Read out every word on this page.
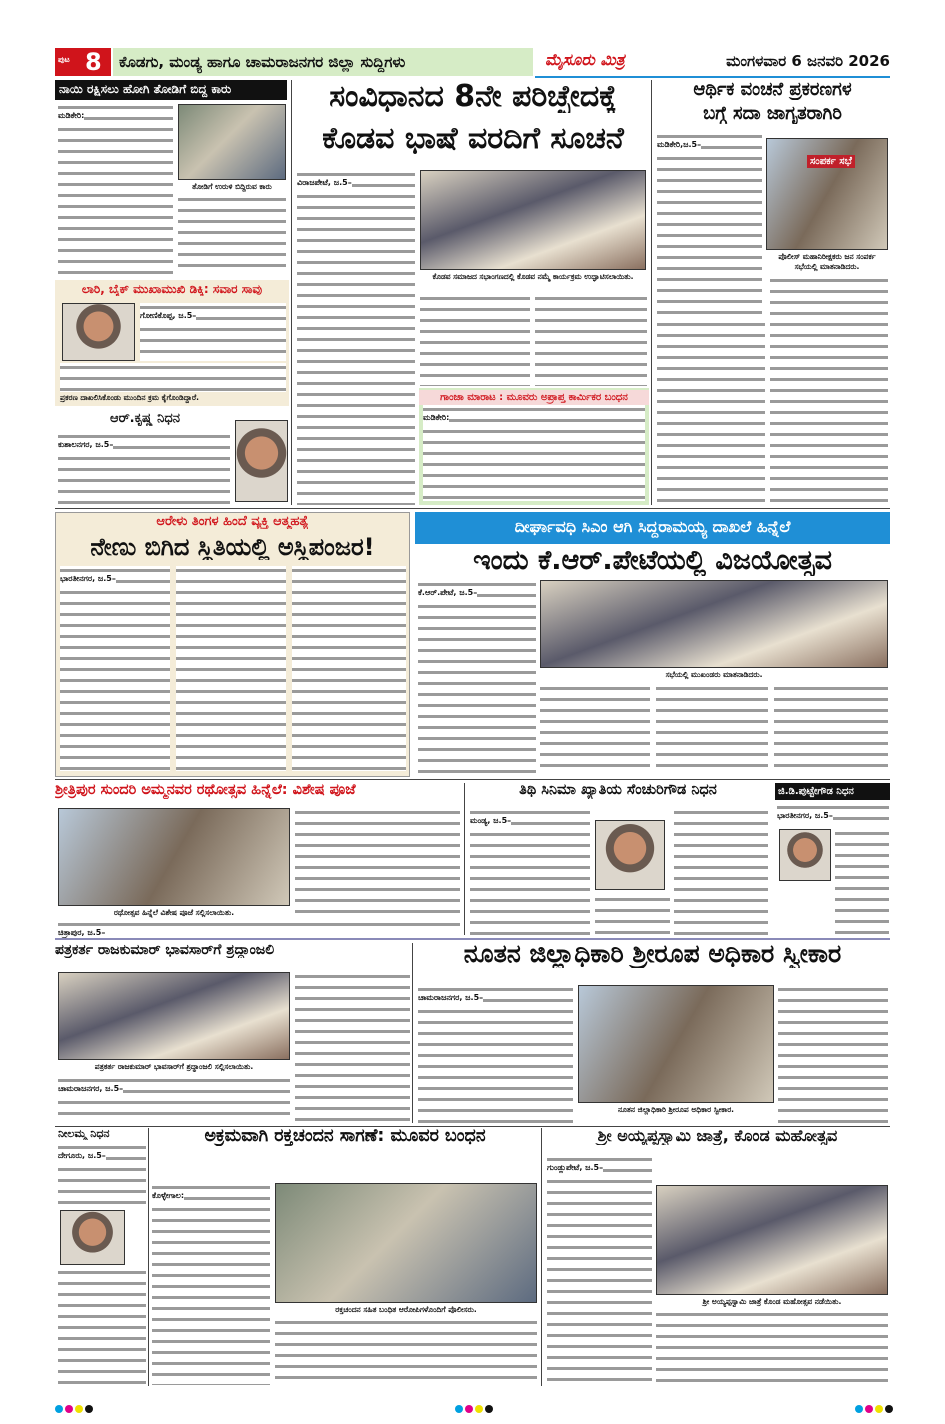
ಪುಟ 8	ಕೊಡಗು, ಮಂಡ್ಯ ಹಾಗೂ ಚಾಮರಾಜನಗರ ಜಿಲ್ಲಾ ಸುದ್ದಿಗಳು	ಮೈಸೂರು ಮಿತ್ರ	ಮಂಗಳವಾರ 6 ಜನವರಿ 2026
ನಾಯಿ ರಕ್ಷಿಸಲು ಹೋಗಿ ತೋಡಿಗೆ ಬಿದ್ದ ಕಾರು
ಮಡಿಕೇರಿ:
ತೋಡಿಗೆ ಉರುಳಿ ಬಿದ್ದಿರುವ ಕಾರು
ಲಾರಿ, ಬೈಕ್ ಮುಖಾಮುಖಿ ಡಿಕ್ಕಿ: ಸವಾರ ಸಾವು
ಗೋಣಿಕೊಪ್ಪ, ಜ.5–
ಪ್ರಕರಣ ದಾಖಲಿಸಿಕೊಂಡು ಮುಂದಿನ ಕ್ರಮ ಕೈಗೊಂಡಿದ್ದಾರೆ.
ಆರ್.ಕೃಷ್ಣ ನಿಧನ
ಕುಶಾಲನಗರ, ಜ.5–
ಸಂವಿಧಾನದ 8ನೇ ಪರಿಚ್ಛೇದಕ್ಕೆ
ಕೊಡವ ಭಾಷೆ ವರದಿಗೆ ಸೂಚನೆ
ವಿರಾಜಪೇಟೆ, ಜ.5–
ಕೊಡವ ಸಮಾಜದ ಸಭಾಂಗಣದಲ್ಲಿ ಕೊಡವ ನಮ್ಮೆ ಕಾರ್ಯಕ್ರಮ ಉದ್ಘಾಟಿಸಲಾಯಿತು.
ಗಾಂಜಾ ಮಾರಾಟ : ಮೂವರು ಅಪ್ರಾಪ್ತ ಕಾರ್ಮಿಕರ ಬಂಧನ
ಮಡಿಕೇರಿ:
ಆರ್ಥಿಕ ವಂಚನೆ ಪ್ರಕರಣಗಳ
ಬಗ್ಗೆ ಸದಾ ಜಾಗೃತರಾಗಿರಿ
ಮಡಿಕೇರಿ,ಜ.5–
ಸಂಪರ್ಕ ಸಭೆ
ಪೊಲೀಸ್ ಮಹಾನಿರೀಕ್ಷಕರು ಜನ ಸಂಪರ್ಕ ಸಭೆಯಲ್ಲಿ ಮಾತನಾಡಿದರು.
ಆರೇಳು ತಿಂಗಳ ಹಿಂದೆ ವ್ಯಕ್ತಿ ಆತ್ಮಹತ್ಯೆ
ನೇಣು ಬಿಗಿದ ಸ್ಥಿತಿಯಲ್ಲಿ ಅಸ್ಥಿಪಂಜರ!
ಭಾರತೀನಗರ, ಜ.5–
ದೀರ್ಘಾವಧಿ ಸಿಎಂ ಆಗಿ ಸಿದ್ದರಾಮಯ್ಯ ದಾಖಲೆ ಹಿನ್ನೆಲೆ
ಇಂದು ಕೆ.ಆರ್.ಪೇಟೆಯಲ್ಲಿ ವಿಜಯೋತ್ಸವ
ಕೆ.ಆರ್.ಪೇಟೆ, ಜ.5–
ಸಭೆಯಲ್ಲಿ ಮುಖಂಡರು ಮಾತನಾಡಿದರು.
ಶ್ರೀತ್ರಿಪುರ ಸುಂದರಿ ಅಮ್ಮನವರ ರಥೋತ್ಸವ ಹಿನ್ನೆಲೆ: ವಿಶೇಷ ಪೂಜೆ
ರಥೋತ್ಸವ ಹಿನ್ನೆಲೆ ವಿಶೇಷ ಪೂಜೆ ಸಲ್ಲಿಸಲಾಯಿತು.
ಚಿತ್ರಾಪುರ, ಜ.5–
ತಿಥಿ ಸಿನಿಮಾ ಖ್ಯಾತಿಯ ಸೆಂಚುರಿಗೌಡ ನಿಧನ
ಮಂಡ್ಯ, ಜ.5–
ಜಿ.ಡಿ.ಪುಟ್ಟೇಗೌಡ ನಿಧನ
ಭಾರತೀನಗರ, ಜ.5–
ಪತ್ರಕರ್ತ ರಾಜಕುಮಾರ್ ಭಾವಸಾರ್‌ಗೆ ಶ್ರದ್ಧಾಂಜಲಿ
ಪತ್ರಕರ್ತ ರಾಜಕುಮಾರ್ ಭಾವಸಾರ್‌ಗೆ ಶ್ರದ್ಧಾಂಜಲಿ ಸಲ್ಲಿಸಲಾಯಿತು.
ಚಾಮರಾಜನಗರ, ಜ.5–
ನೂತನ ಜಿಲ್ಲಾಧಿಕಾರಿ ಶ್ರೀರೂಪ ಅಧಿಕಾರ ಸ್ವೀಕಾರ
ಚಾಮರಾಜನಗರ, ಜ.5–
ನೂತನ ಜಿಲ್ಲಾಧಿಕಾರಿ ಶ್ರೀರೂಪ ಅಧಿಕಾರ ಸ್ವೀಕಾರ.
ನೀಲಮ್ಮ ನಿಧನ
ದೇಗೂರು, ಜ.5–
ಅಕ್ರಮವಾಗಿ ರಕ್ತಚಂದನ ಸಾಗಣೆ: ಮೂವರ ಬಂಧನ
ಕೊಳ್ಳೇಗಾಲ:
ರಕ್ತಚಂದನ ಸಹಿತ ಬಂಧಿತ ಆರೋಪಿಗಳೊಂದಿಗೆ ಪೊಲೀಸರು.
ಶ್ರೀ ಅಯ್ಯಪ್ಪಸ್ವಾಮಿ ಜಾತ್ರೆ, ಕೊಂಡ ಮಹೋತ್ಸವ
ಗುಂಡ್ಲುಪೇಟೆ, ಜ.5–
ಶ್ರೀ ಅಯ್ಯಪ್ಪಸ್ವಾಮಿ ಜಾತ್ರೆ ಕೊಂಡ ಮಹೋತ್ಸವ ನಡೆಯಿತು.
